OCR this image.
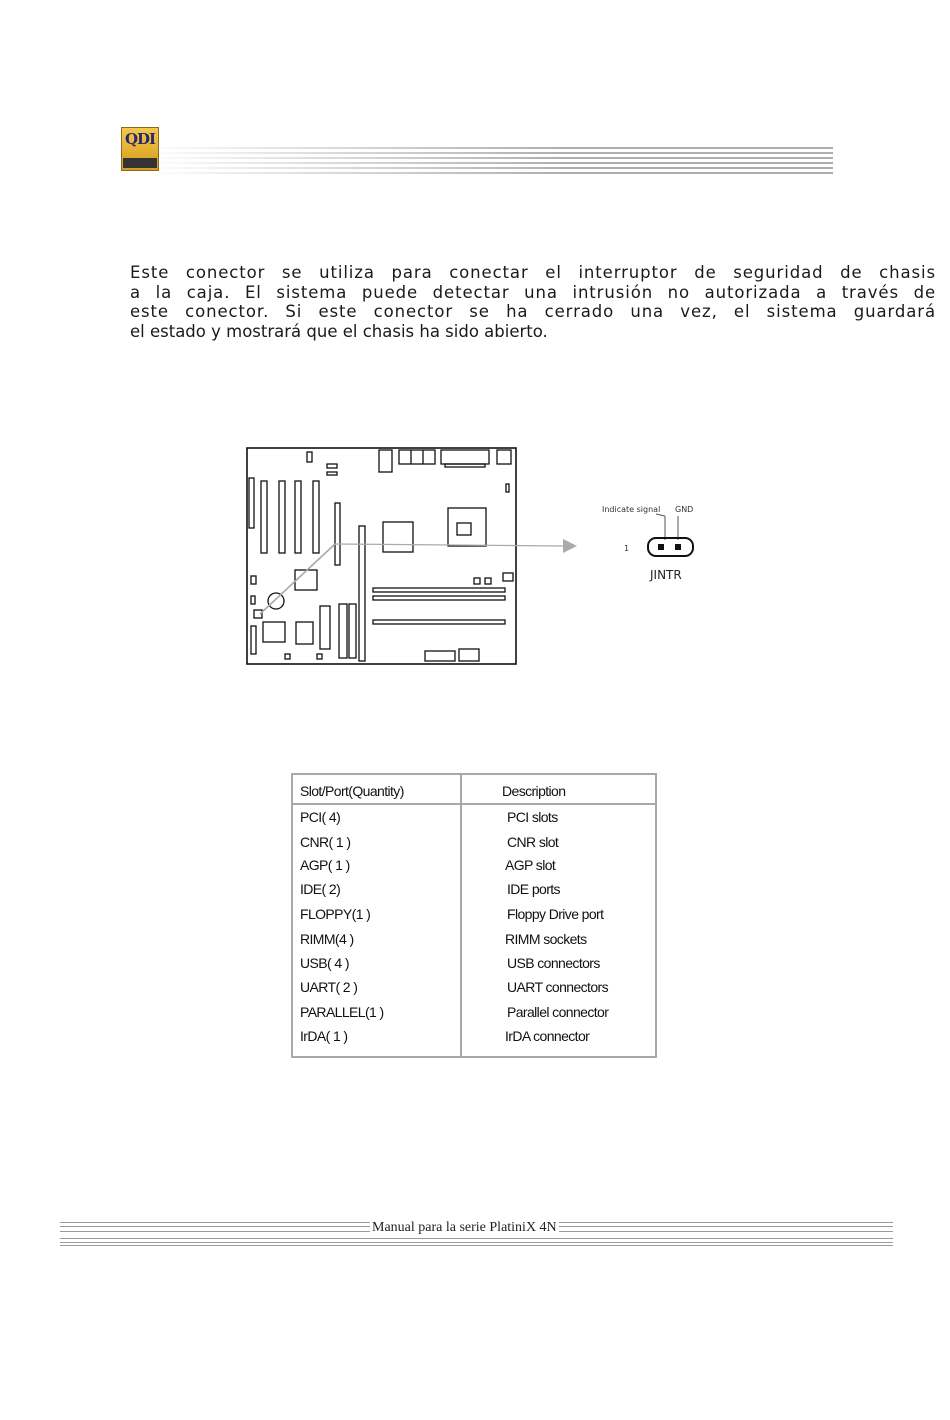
QDI
Este conector se utiliza para conectar el interruptor de seguridad de chasis
a la caja. El sistema puede detectar una intrusión no autorizada a través de
este conector. Si este conector se ha cerrado una vez, el sistema guardará
el estado y mostrará que el chasis ha sido abierto.
Indicate signal GND
1
JINTR
Slot/Port(Quantity)	Description
PCI( 4)	PCI slots
CNR( 1 )	CNR slot
AGP( 1 )	AGP slot
IDE( 2)	IDE ports
FLOPPY(1 )	Floppy Drive port
RIMM(4 )	RIMM sockets
USB( 4 )	USB connectors
UART( 2 )	UART connectors
PARALLEL(1 )	Parallel connector
IrDA( 1 )	IrDA connector
Manual para la serie PlatiniX 4N
